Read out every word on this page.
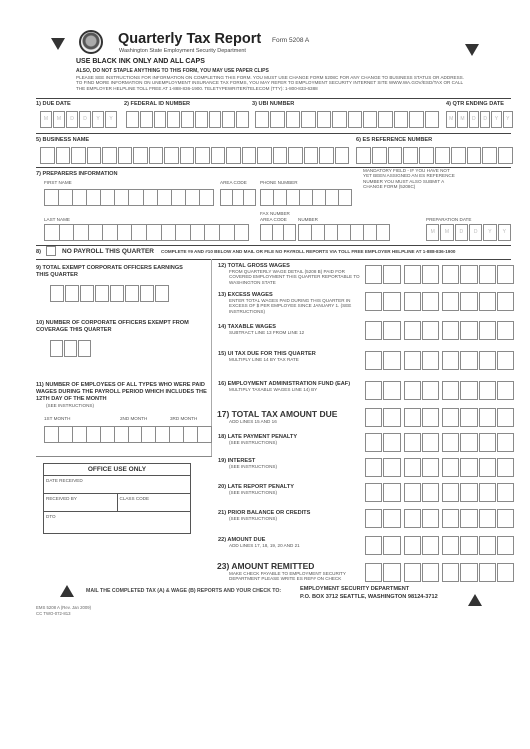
Quarterly Tax Report Form 5208 A
Washington State Employment Security Department
USE BLACK INK ONLY AND ALL CAPS
ALSO, DO NOT STAPLE ANYTHING TO THIS FORM, YOU MAY USE PAPER CLIPS
PLEASE SEE INSTRUCTIONS FOR INFORMATION ON COMPLETING THIS FORM. YOU MUST USE CHANGE FORM 5208C FOR ANY CHANGE TO BUSINESS STATUS OR ADDRESS. TO FIND MORE INFORMATION ON UNEMPLOYMENT INSURANCE TAX FORMS, YOU MAY REFER TO EMPLOYMENT SECURITY INTERNET SITE WWW.WA.GOV/ESD/TAX OR CALL THE EMPLOYER HELPLINE TOLL FREE AT 1-888-836-1900. TELETYPEWRITER/TELECOM (TTY): 1-800-833-6388
1) DUE DATE	2) FEDERAL ID NUMBER	3) UBI NUMBER	4) QTR ENDING DATE
M	M	D	D	Y	Y	M	M	D	D	Y	Y
5) BUSINESS NAME	6) ES REFERENCE NUMBER
7) PREPARERS INFORMATION
FIRST NAME	AREA CODE	PHONE NUMBER
MANDATORY FIELD - IF YOU HAVE NOT YET BEEN ASSIGNED AN ES REFERENCE NUMBER YOU MUST ALSO SUBMIT A CHANGE FORM (5208C)
LAST NAME
FAX NUMBER
AREA CODE NUMBER	PREPARATION DATE
M	M	D	D	Y	Y
8)	NO PAYROLL THIS QUARTER COMPLETE #9 AND #10 BELOW AND MAIL OR FILE NO PAYROLL REPORTS VIA TOLL FREE EMPLOYER HELPLINE AT 1-888-836-1900
9) TOTAL EXEMPT CORPORATE OFFICERS EARNINGS THIS QUARTER
10) NUMBER OF CORPORATE OFFICERS EXEMPT FROM COVERAGE THIS QUARTER
11) NUMBER OF EMPLOYEES OF ALL TYPES WHO WERE PAID WAGES DURING THE PAYROLL PERIOD WHICH INCLUDES THE 12TH DAY OF THE MONTH
(SEE INSTRUCTIONS)
1ST MONTH	2ND MONTH	3RD MONTH
OFFICE USE ONLY
DATE RECEIVED
RECEIVED BY	CLASS CODE
DTO
12) TOTAL GROSS WAGES
FROM QUARTERLY WAGE DETAIL (5208 B) PAID FOR COVERED EMPLOYMENT THIS QUARTER REPORTABLE TO WASHINGTON STATE
13) EXCESS WAGES
ENTER TOTAL WAGES PAID DURING THIS QUARTER IN EXCESS OF $ PER EMPLOYEE SINCE JANUARY 1. (SEE INSTRUCTIONS)
14) TAXABLE WAGES
SUBTRACT LINE 13 FROM LINE 12
15) UI TAX DUE FOR THIS QUARTER
MULTIPLY LINE 14 BY TAX RATE
16) EMPLOYMENT ADMINISTRATION FUND (EAF)
MULTIPLY TAXABLE WAGES LINE 14) BY
17) TOTAL TAX AMOUNT DUE
ADD LINES 15 AND 16
18) LATE PAYMENT PENALTY
(SEE INSTRUCTIONS)
19) INTEREST
(SEE INSTRUCTIONS)
20) LATE REPORT PENALTY
(SEE INSTRUCTIONS)
21) PRIOR BALANCE OR CREDITS
(SEE INSTRUCTIONS)
22) AMOUNT DUE
ADD LINES 17, 18, 19, 20 AND 21
23) AMOUNT REMITTED
MAKE CHECK PAYABLE TO EMPLOYMENT SECURITY DEPARTMENT PLEASE WRITE ES REF# ON CHECK
MAIL THE COMPLETED TAX (A) & WAGE (B) REPORTS AND YOUR CHECK TO:	EMPLOYMENT SECURITY DEPARTMENT
P.O. BOX 3712 SEATTLE, WASHINGTON 98124-3712
EMS 5208 A (Rev. Jan 2009)
CC TWO-072-813
